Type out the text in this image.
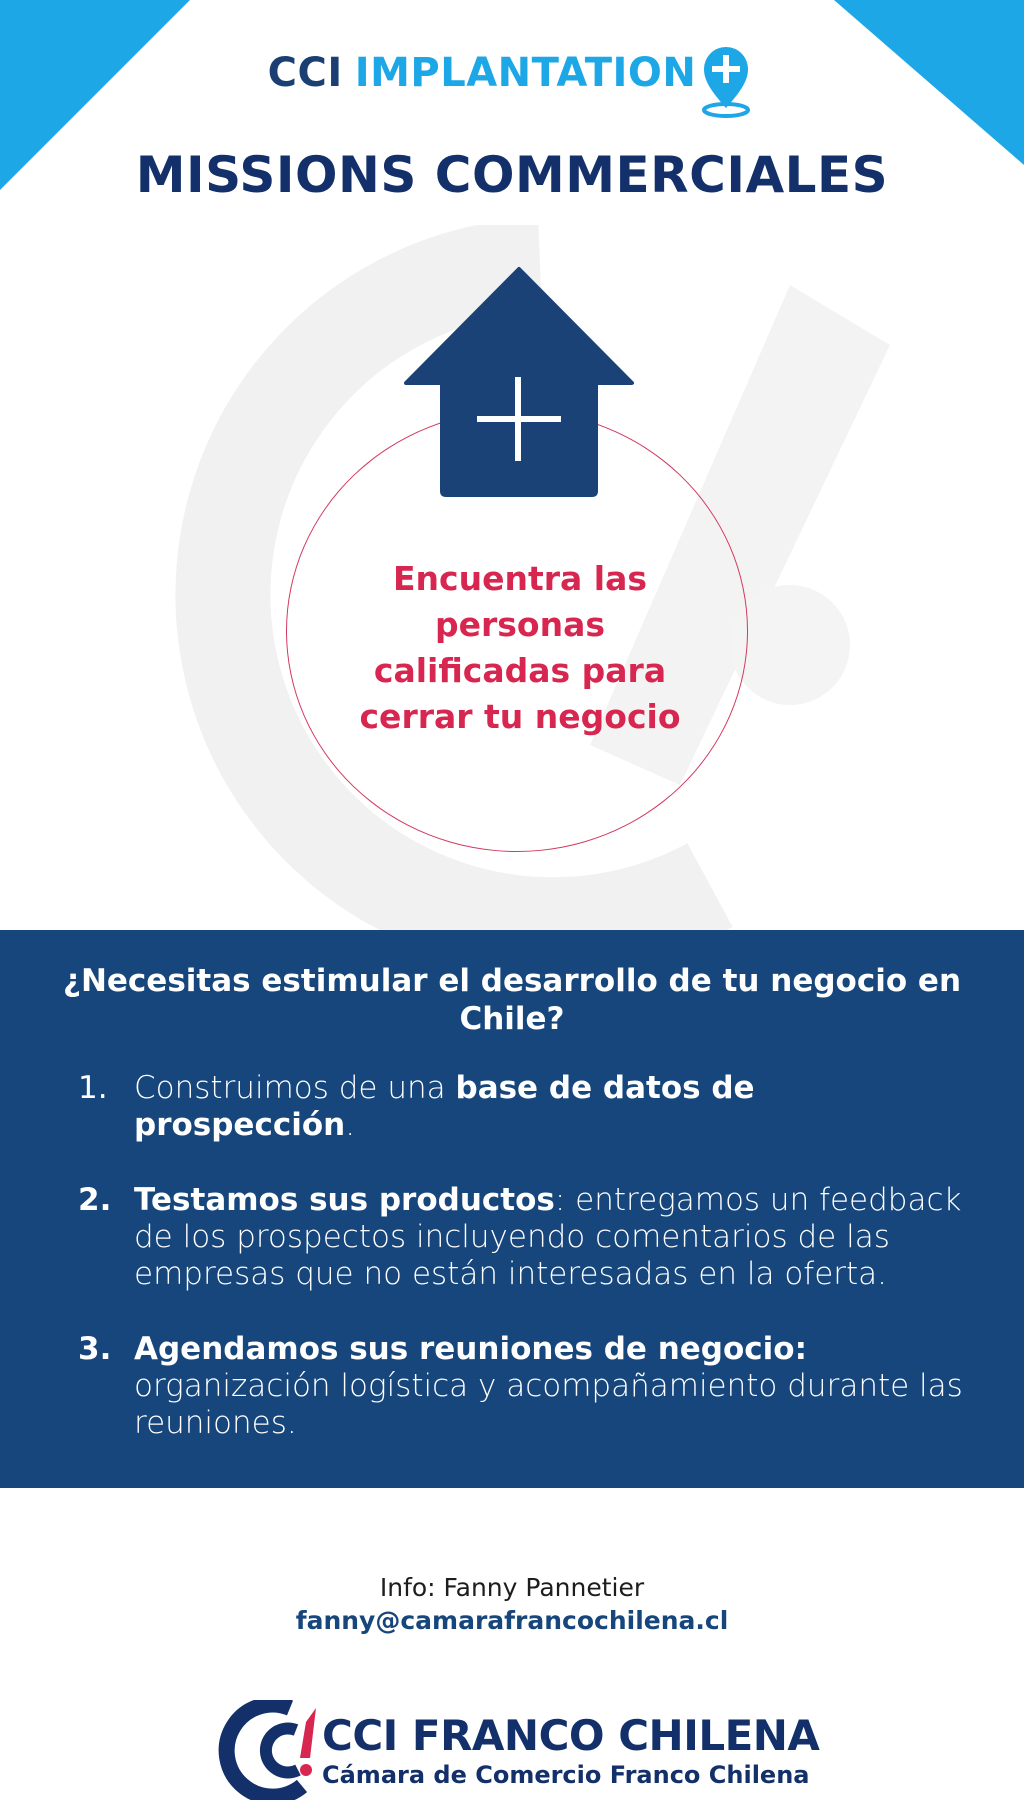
CCI IMPLANTATION
MISSIONS COMMERCIALES
Encuentra las
personas
calificadas para
cerrar tu negocio
¿Necesitas estimular el desarrollo de tu negocio en Chile?
1. Construimos de una base de datos de prospección.
2. Testamos sus productos: entregamos un feedback de los prospectos incluyendo comentarios de las empresas que no están interesadas en la oferta.
3. Agendamos sus reuniones de negocio: organización logística y acompañamiento durante las reuniones.
Info: Fanny Pannetier
fanny@camarafrancochilena.cl
CCI FRANCO CHILENA
Cámara de Comercio Franco Chilena
